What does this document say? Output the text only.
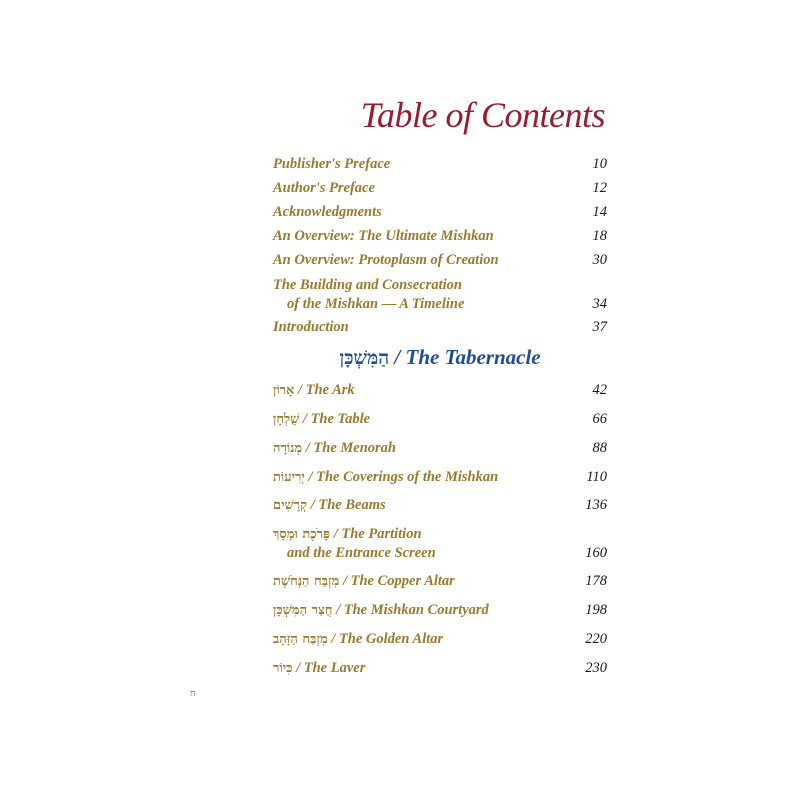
Table of Contents
Publisher's Preface	10
Author's Preface	12
Acknowledgments	14
An Overview: The Ultimate Mishkan	18
An Overview: Protoplasm of Creation	30
The Building and Consecration
of the Mishkan — A Timeline	34
Introduction	37
הַמִּשְׁכָּן / The Tabernacle
אָרוֹן / The Ark	42
שֻׁלְחָן / The Table	66
מְנוֹרָה / The Menorah	88
יְרִיעוֹת / The Coverings of the Mishkan	110
קְרָשִׁים / The Beams	136
פָּרֹכֶת וּמָסָךְ / The Partition
and the Entrance Screen	160
מִזְבַּח הַנְּחֹשֶׁת / The Copper Altar	178
חֲצַר הַמִּשְׁכָּן / The Mishkan Courtyard	198
מִזְבַּח הַזָּהָב / The Golden Altar	220
כִּיוֹר / The Laver	230
ח
